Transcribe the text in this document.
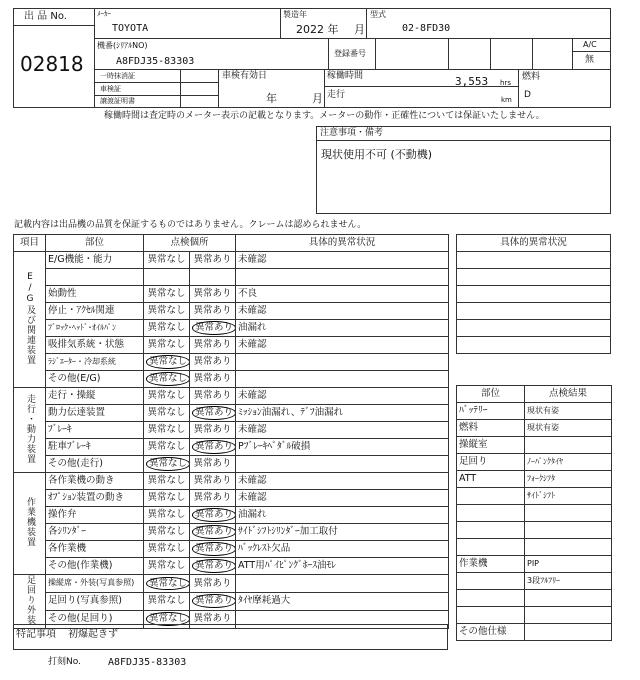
出 品 No.
02818
ﾒｰｶｰ
TOYOTA
製造年
2022 年 月
型式
02-8FD30
機番(ｼﾘｱﾙNO)
A8FDJ35-83303
登録番号
A/C
無
一時抹消証
車検証
譲渡証明書
車検有効日
年	月
稼働時間	3,553 hrs
走行	km
燃料
D
稼働時間は査定時のメーター表示の記載となります。メーターの動作・正確性については保証いたしません。
注意事項・備考
現状使用不可 (不動機)
記載内容は出品機の品質を保証するものではありません。クレームは認められません。
項目	部位	点検個所		具体的異常状況
E/G及び関連装置	E/G機能・能力	異常なし	異常あり	未確認

	始動性	異常なし	異常あり	不良
	停止・ｱｸｾﾙ関連	異常なし	異常あり	未確認
	ﾌﾞﾛｯｸ･ﾍｯﾄﾞ･ｵｲﾙﾊﾟﾝ	異常なし	異常あり	油漏れ
	吸排気系統・状態	異常なし	異常あり	未確認
	ﾗｼﾞｴｰﾀｰ・冷却系統	異常なし	異常あり	
	その他(E/G)	異常なし	異常あり	
走行・動力装置	走行・操縦	異常なし	異常あり	未確認
	動力伝達装置	異常なし	異常あり	ﾐｯｼｮﾝ油漏れ、ﾃﾞﾌ油漏れ
	ﾌﾞﾚｰｷ	異常なし	異常あり	未確認
	駐車ﾌﾞﾚｰｷ	異常なし	異常あり	Pﾌﾞﾚｰｷﾍﾟﾀﾞﾙ破損
	その他(走行)	異常なし	異常あり	
作業機装置	各作業機の動き	異常なし	異常あり	未確認
	ｵﾌﾟｼｮﾝ装置の動き	異常なし	異常あり	未確認
	操作弁	異常なし	異常あり	油漏れ
	各ｼﾘﾝﾀﾞｰ	異常なし	異常あり	ｻｲﾄﾞｼﾌﾄｼﾘﾝﾀﾞｰ加工取付
	各作業機	異常なし	異常あり	ﾊﾞｯｸﾚｽﾄ欠品
	その他(作業機)	異常なし	異常あり	ATT用ﾊﾟｲﾋﾟﾝｸﾞﾎｰｽ油ﾓﾚ
足回り外装	操縦席・外装(写真参照)	異常なし	異常あり	
	足回り(写真参照)	異常なし	異常あり	ﾀｲﾔ摩耗過大
	その他(足回り)	異常なし	異常あり	
具体的異常状況

部位	点検結果
ﾊﾞｯﾃﾘｰ	現状有姿
燃料	現状有姿
操縦室	
足回り	ﾉｰﾊﾟﾝｸﾀｲﾔ
ATT	ﾌｫｰｸｼﾌﾀ
	ｻｲﾄﾞｼﾌﾄ

作業機	PIP
	3段ﾌﾙﾌﾘｰ

その他仕様	
特記事項 初爆起きず
打刻No.	A8FDJ35-83303
